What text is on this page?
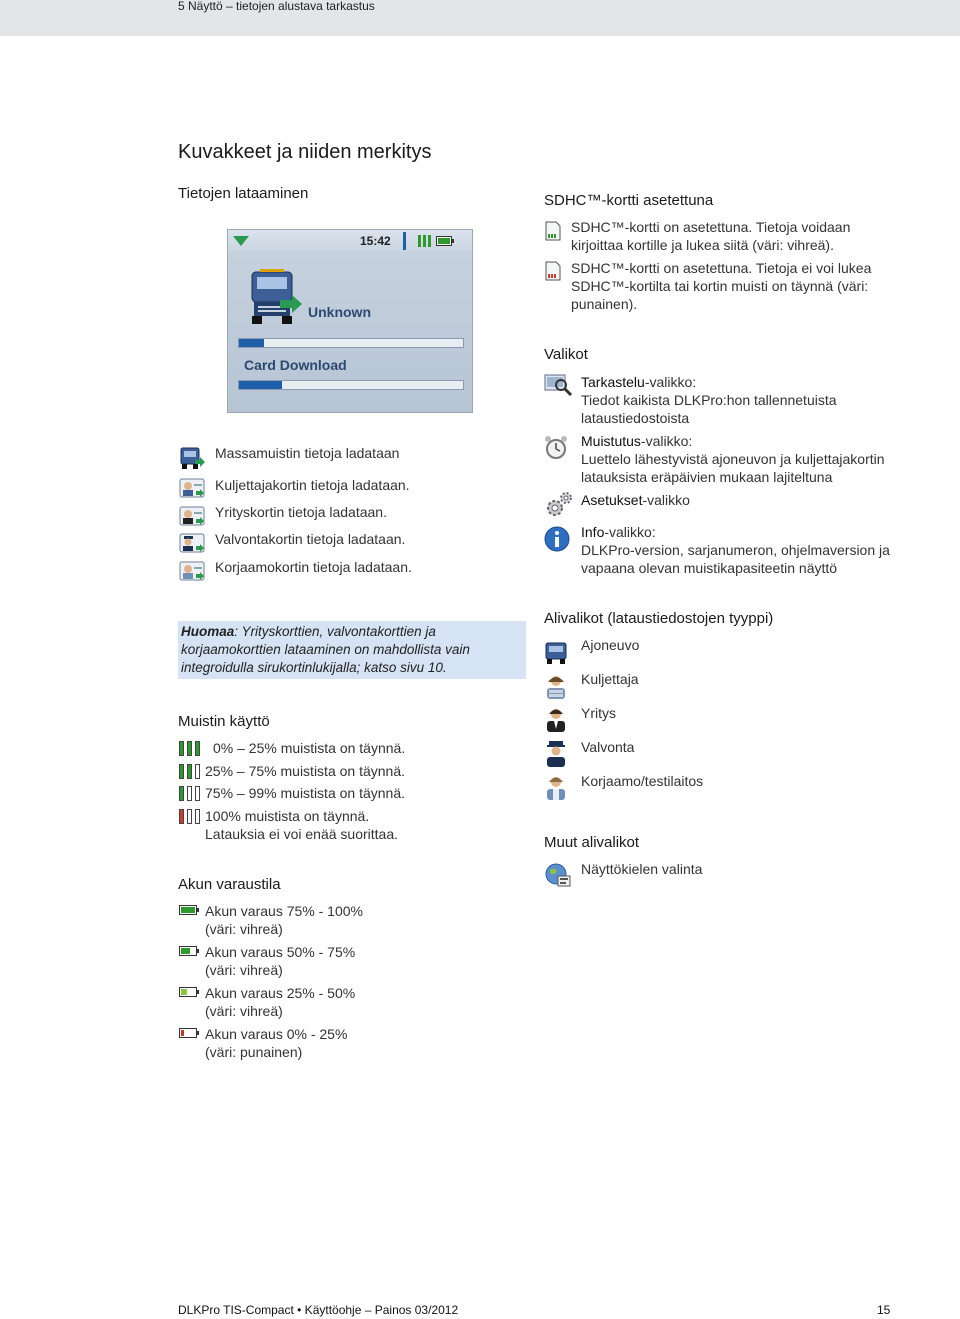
5 Näyttö – tietojen alustava tarkastus
Kuvakkeet ja niiden merkitys
Tietojen lataaminen
15:42
Unknown
Card Download
Massamuistin tietoja ladataan
Kuljettajakortin tietoja ladataan.
Yrityskortin tietoja ladataan.
Valvontakortin tietoja ladataan.
Korjaamokortin tietoja ladataan.
Huomaa: Yrityskorttien, valvontakorttien ja korjaamokorttien lataaminen on mahdollista vain integroidulla sirukortinlukijalla; katso sivu 10.
Muistin käyttö
0% – 25% muistista on täynnä.
25% – 75% muistista on täynnä.
75% – 99% muistista on täynnä.
100% muistista on täynnä.
Latauksia ei voi enää suorittaa.
Akun varaustila
Akun varaus 75% - 100%
(väri: vihreä)
Akun varaus 50% - 75%
(väri: vihreä)
Akun varaus 25% - 50%
(väri: vihreä)
Akun varaus 0% - 25%
(väri: punainen)
SDHC™-kortti asetettuna
SDHC™-kortti on asetettuna. Tietoja voidaan
kirjoittaa kortille ja lukea siitä (väri: vihreä).
SDHC™-kortti on asetettuna. Tietoja ei voi lukea
SDHC™-kortilta tai kortin muisti on täynnä (väri:
punainen).
Valikot
Tarkastelu-valikko:
Tiedot kaikista DLKPro:hon tallennetuista
lataustiedostoista
Muistutus-valikko:
Luettelo lähestyvistä ajoneuvon ja kuljettajakortin
latauksista eräpäivien mukaan lajiteltuna
Asetukset-valikko
Info-valikko:
DLKPro-version, sarjanumeron, ohjelmaversion ja
vapaana olevan muistikapasiteetin näyttö
Alivalikot (lataustiedostojen tyyppi)
Ajoneuvo
Kuljettaja
Yritys
Valvonta
Korjaamo/testilaitos
Muut alivalikot
Näyttökielen valinta
DLKPro TIS-Compact • Käyttöohje – Painos 03/2012	15
